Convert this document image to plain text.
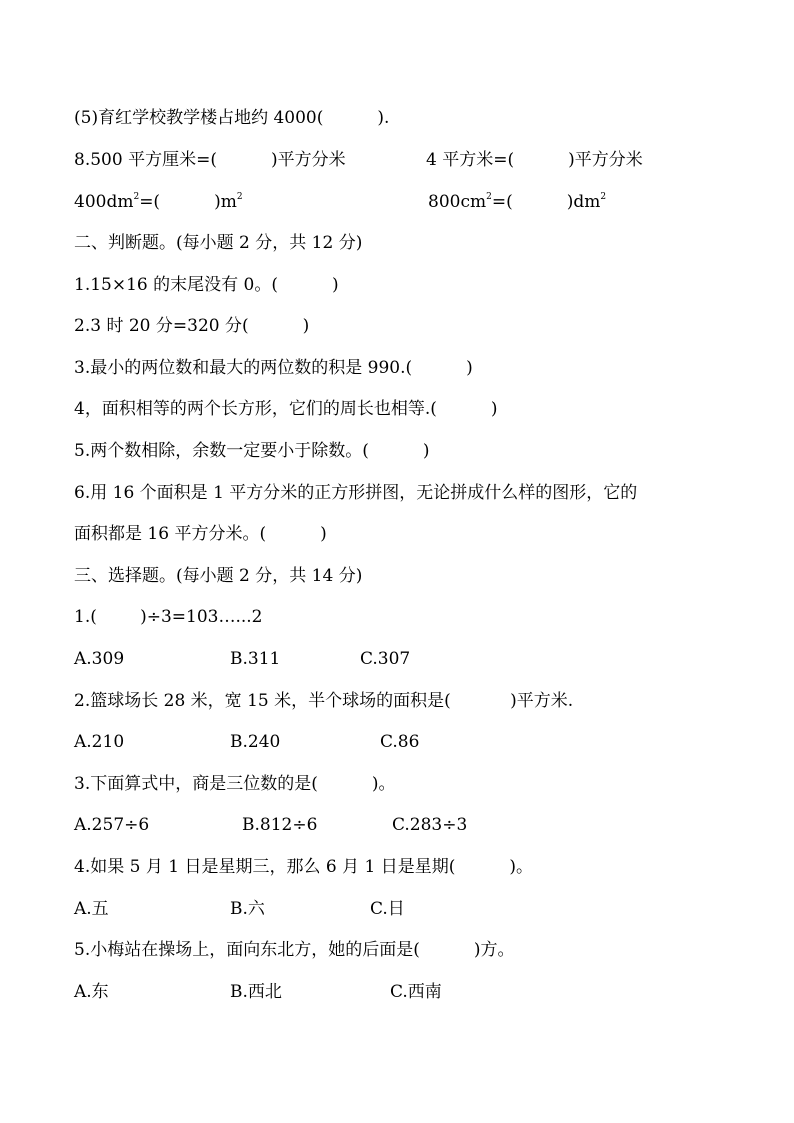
(5)育红学校教学楼占地约 4000(          ).
8.500 平方厘米=(          )平方分米	4 平方米=(          )平方分米
$400dm^2=$(          )$m^2$	$800cm^2=$(          )$dm^2$
二、判断题。(每小题 2 分，共 12 分)
1.15×16 的末尾没有 0。(          )
2.3 时 20 分=320 分(          )
3.最小的两位数和最大的两位数的积是 990.(          )
4，面积相等的两个长方形，它们的周长也相等.(          )
5.两个数相除，余数一定要小于除数。(          )
6.用 16 个面积是 1 平方分米的正方形拼图，无论拼成什么样的图形，它的
面积都是 16 平方分米。(          )
三、选择题。(每小题 2 分，共 14 分)
1.(        )÷3=103…...2
A.309	B.311	C.307
2.篮球场长 28 米，宽 15 米，半个球场的面积是(           )平方米.
A.210	B.240	C.86
3.下面算式中，商是三位数的是(          )。
A.257÷6	B.812÷6	C.283÷3
4.如果 5 月 1 日是星期三，那么 6 月 1 日是星期(          )。
A.五	B.六	C.日
5.小梅站在操场上，面向东北方，她的后面是(          )方。
A.东	B.西北	C.西南
